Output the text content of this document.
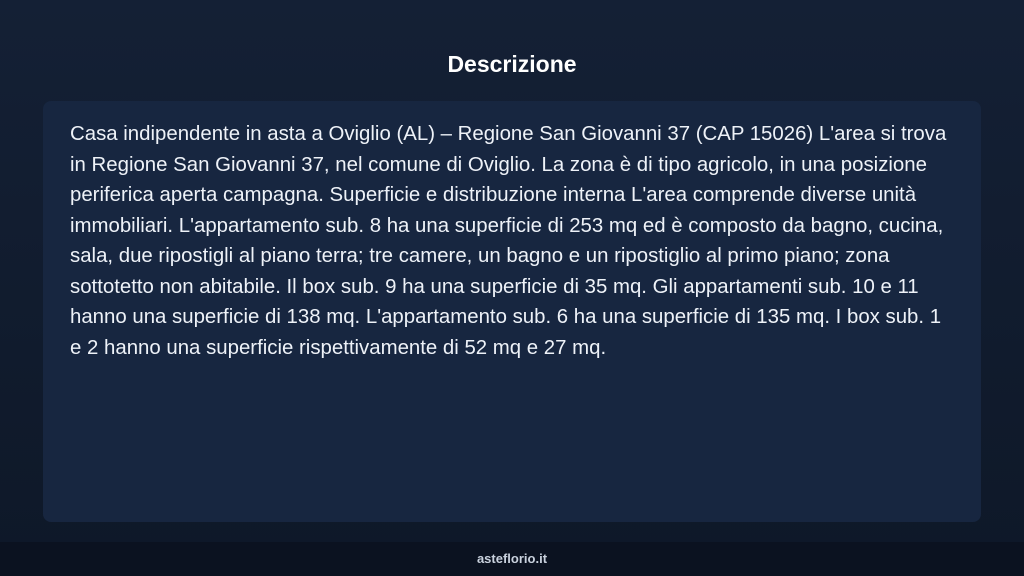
Descrizione

Casa indipendente in asta a Oviglio (AL) – Regione San Giovanni 37 (CAP 15026) L'area si trova in Regione San Giovanni 37, nel comune di Oviglio. La zona è di tipo agricolo, in una posizione periferica aperta campagna. Superficie e distribuzione interna L'area comprende diverse unità immobiliari. L'appartamento sub. 8 ha una superficie di 253 mq ed è composto da bagno, cucina, sala, due ripostigli al piano terra; tre camere, un bagno e un ripostiglio al primo piano; zona sottotetto non abitabile. Il box sub. 9 ha una superficie di 35 mq. Gli appartamenti sub. 10 e 11 hanno una superficie di 138 mq. L'appartamento sub. 6 ha una superficie di 135 mq. I box sub. 1 e 2 hanno una superficie rispettivamente di 52 mq e 27 mq.

asteflorio.it
